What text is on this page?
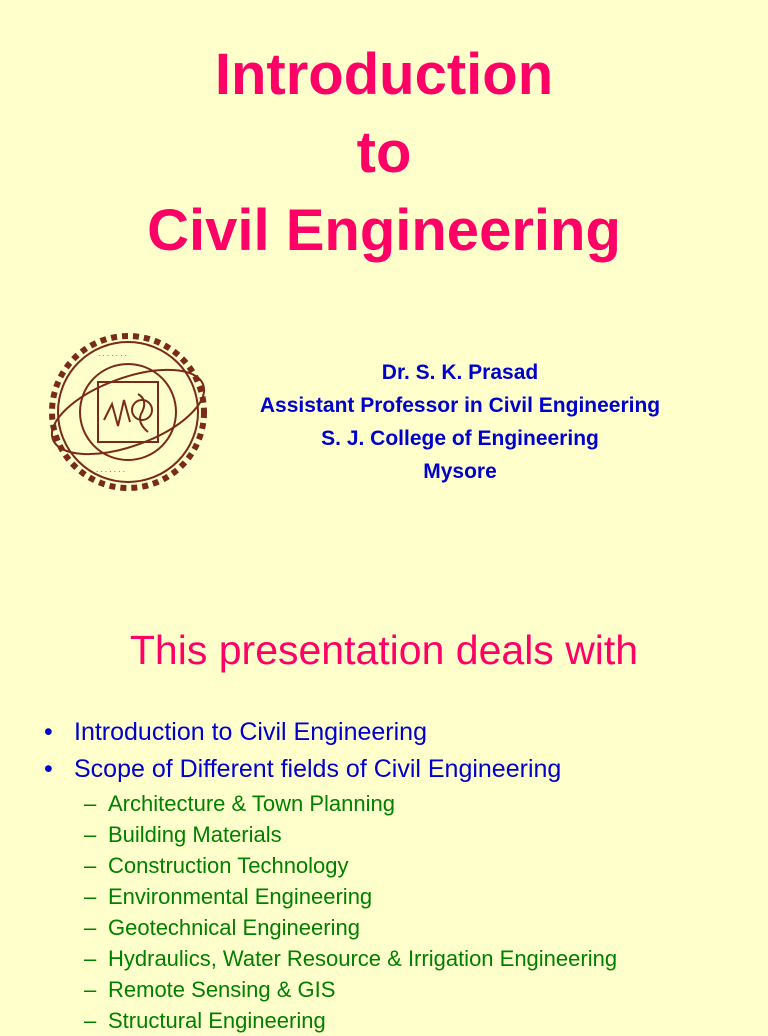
Introduction
to
Civil Engineering
· · · · · · ·
· · · · · · ·
Dr. S. K. Prasad
Assistant Professor in Civil Engineering
S. J. College of Engineering
Mysore
This presentation deals with
• Introduction to Civil Engineering
• Scope of Different fields of Civil Engineering
– Architecture & Town Planning
– Building Materials
– Construction Technology
– Environmental Engineering
– Geotechnical Engineering
– Hydraulics, Water Resource & Irrigation Engineering
– Remote Sensing & GIS
– Structural Engineering
